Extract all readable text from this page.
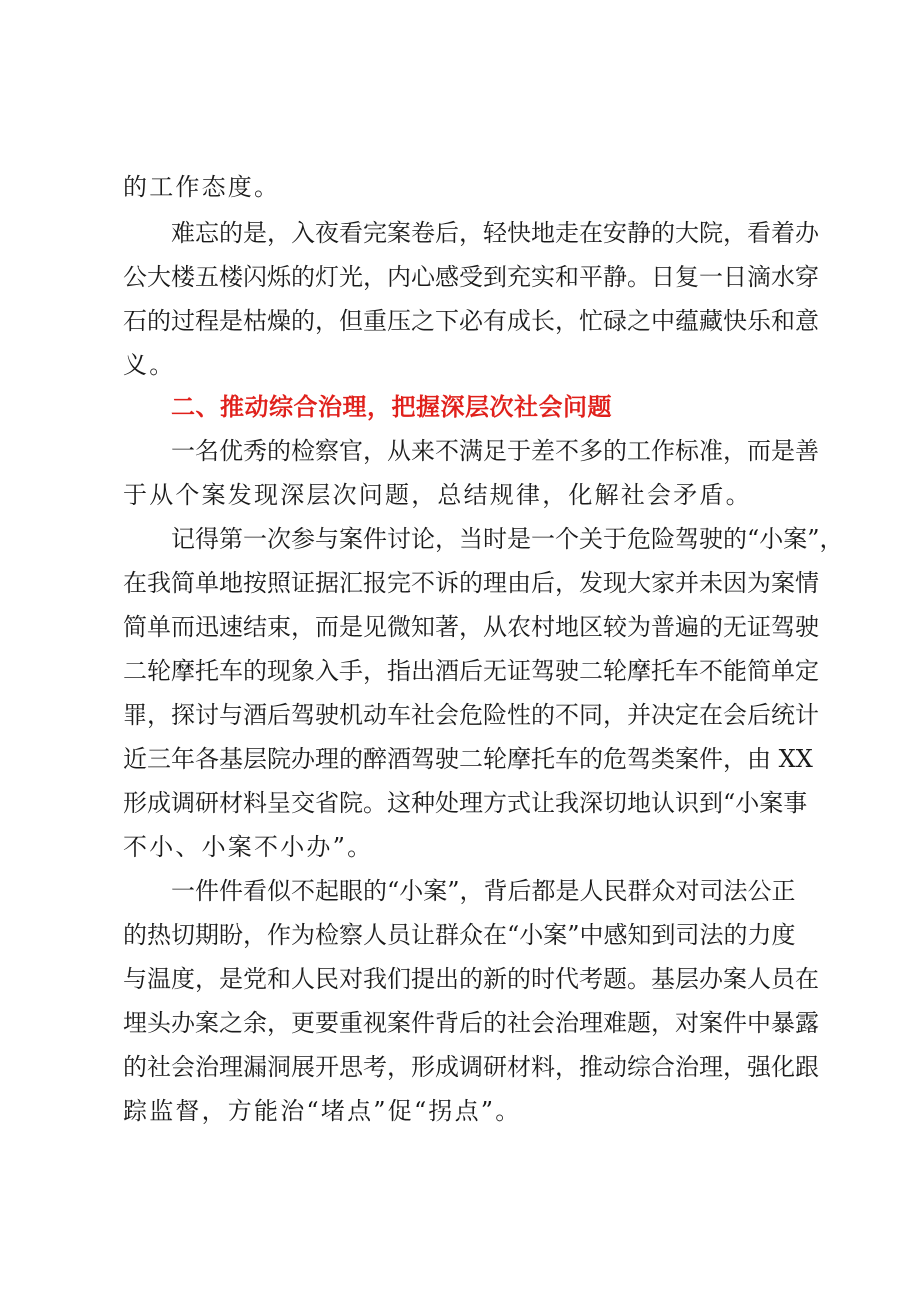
的工作态度。
难忘的是，入夜看完案卷后，轻快地走在安静的大院，看着办
公大楼五楼闪烁的灯光，内心感受到充实和平静。日复一日滴水穿
石的过程是枯燥的，但重压之下必有成长，忙碌之中蕴藏快乐和意
义。
二、推动综合治理，把握深层次社会问题
一名优秀的检察官，从来不满足于差不多的工作标准，而是善
于从个案发现深层次问题，总结规律，化解社会矛盾。
记得第一次参与案件讨论，当时是一个关于危险驾驶的“小案”，
在我简单地按照证据汇报完不诉的理由后，发现大家并未因为案情
简单而迅速结束，而是见微知著，从农村地区较为普遍的无证驾驶
二轮摩托车的现象入手，指出酒后无证驾驶二轮摩托车不能简单定
罪，探讨与酒后驾驶机动车社会危险性的不同，并决定在会后统计
近三年各基层院办理的醉酒驾驶二轮摩托车的危驾类案件，由 XX
形成调研材料呈交省院。这种处理方式让我深切地认识到“小案事
不小、小案不小办”。
一件件看似不起眼的“小案”，背后都是人民群众对司法公正
的热切期盼，作为检察人员让群众在“小案”中感知到司法的力度
与温度，是党和人民对我们提出的新的时代考题。基层办案人员在
埋头办案之余，更要重视案件背后的社会治理难题，对案件中暴露
的社会治理漏洞展开思考，形成调研材料，推动综合治理，强化跟
踪监督，方能治“堵点”促“拐点”。
